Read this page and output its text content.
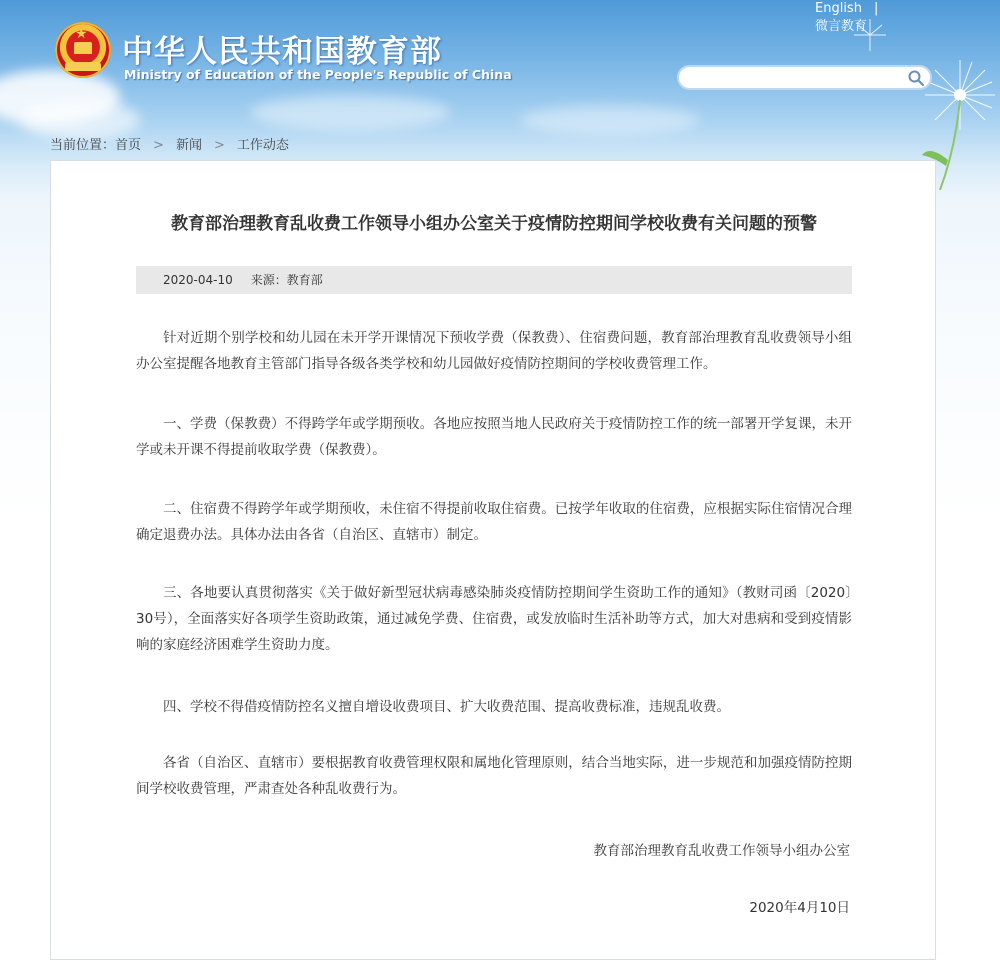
★ 中华人民共和国教育部
Ministry of Education of the People's Republic of China
English |
微言教育
当前位置：首页 > 新闻 > 工作动态
教育部治理教育乱收费工作领导小组办公室关于疫情防控期间学校收费有关问题的预警
2020-04-10 来源：教育部

针对近期个别学校和幼儿园在未开学开课情况下预收学费（保教费）、住宿费问题，教育部治理教育乱收费领导小组办公室提醒各地教育主管部门指导各级各类学校和幼儿园做好疫情防控期间的学校收费管理工作。

一、学费（保教费）不得跨学年或学期预收。各地应按照当地人民政府关于疫情防控工作的统一部署开学复课，未开学或未开课不得提前收取学费（保教费）。

二、住宿费不得跨学年或学期预收，未住宿不得提前收取住宿费。已按学年收取的住宿费，应根据实际住宿情况合理确定退费办法。具体办法由各省（自治区、直辖市）制定。

三、各地要认真贯彻落实《关于做好新型冠状病毒感染肺炎疫情防控期间学生资助工作的通知》（教财司函〔2020〕30号），全面落实好各项学生资助政策，通过减免学费、住宿费，或发放临时生活补助等方式，加大对患病和受到疫情影响的家庭经济困难学生资助力度。

四、学校不得借疫情防控名义擅自增设收费项目、扩大收费范围、提高收费标准，违规乱收费。

各省（自治区、直辖市）要根据教育收费管理权限和属地化管理原则，结合当地实际，进一步规范和加强疫情防控期间学校收费管理，严肃查处各种乱收费行为。

教育部治理教育乱收费工作领导小组办公室
2020年4月10日
